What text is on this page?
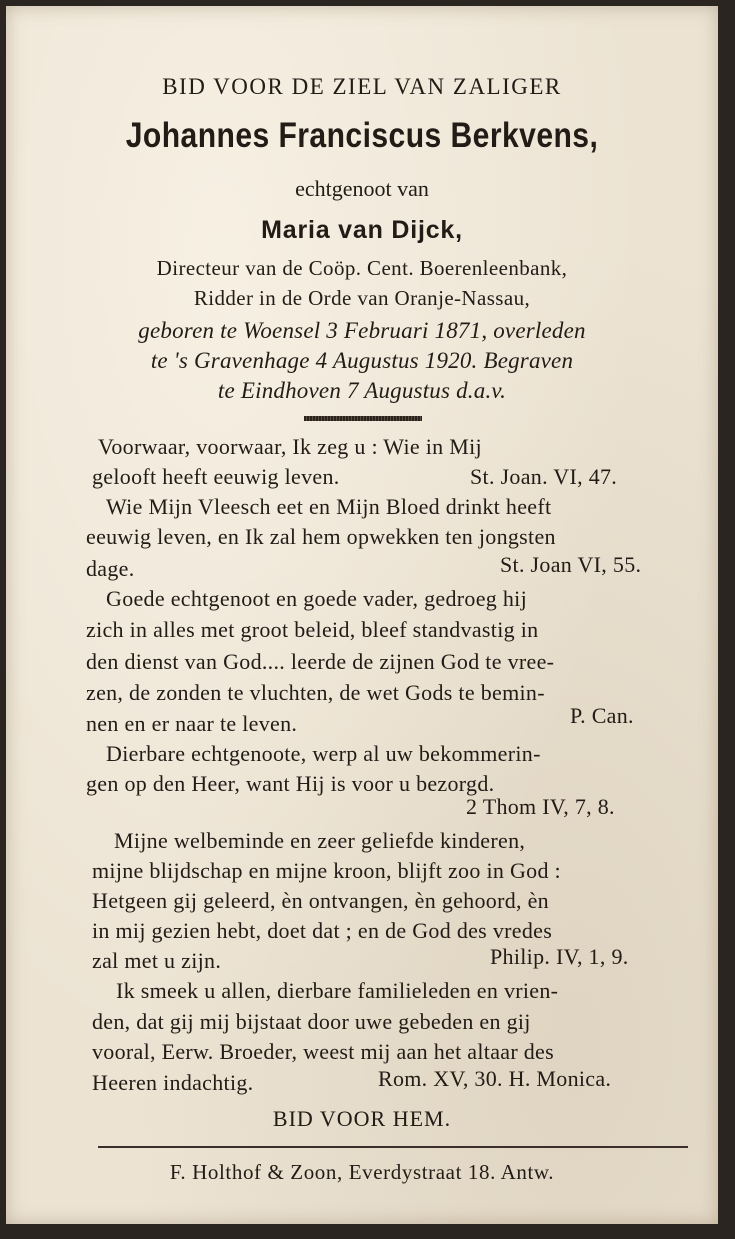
BID VOOR DE ZIEL VAN ZALIGER
Johannes Franciscus Berkvens,
echtgenoot van
Maria van Dijck,
Directeur van de Coöp. Cent. Boerenleenbank,
Ridder in de Orde van Oranje-Nassau,
geboren te Woensel 3 Februari 1871, overleden
te 's Gravenhage 4 Augustus 1920. Begraven
te Eindhoven 7 Augustus d.a.v.
Voorwaar, voorwaar, Ik zeg u : Wie in Mij
gelooft heeft eeuwig leven.	St. Joan. VI, 47.
Wie Mijn Vleesch eet en Mijn Bloed drinkt heeft
eeuwig leven, en Ik zal hem opwekken ten jongsten
dage.	St. Joan VI, 55.
Goede echtgenoot en goede vader, gedroeg hij
zich in alles met groot beleid, bleef standvastig in
den dienst van God.... leerde de zijnen God te vree-
zen, de zonden te vluchten, de wet Gods te bemin-
nen en er naar te leven.	P. Can.
Dierbare echtgenoote, werp al uw bekommerin-
gen op den Heer, want Hij is voor u bezorgd.
2 Thom IV, 7, 8.
Mijne welbeminde en zeer geliefde kinderen,
mijne blijdschap en mijne kroon, blijft zoo in God :
Hetgeen gij geleerd, èn ontvangen, èn gehoord, èn
in mij gezien hebt, doet dat ; en de God des vredes
zal met u zijn.	Philip. IV, 1, 9.
Ik smeek u allen, dierbare familieleden en vrien-
den, dat gij mij bijstaat door uwe gebeden en gij
vooral, Eerw. Broeder, weest mij aan het altaar des
Heeren indachtig.	Rom. XV, 30. H. Monica.
BID VOOR HEM.
F. Holthof & Zoon, Everdystraat 18. Antw.
